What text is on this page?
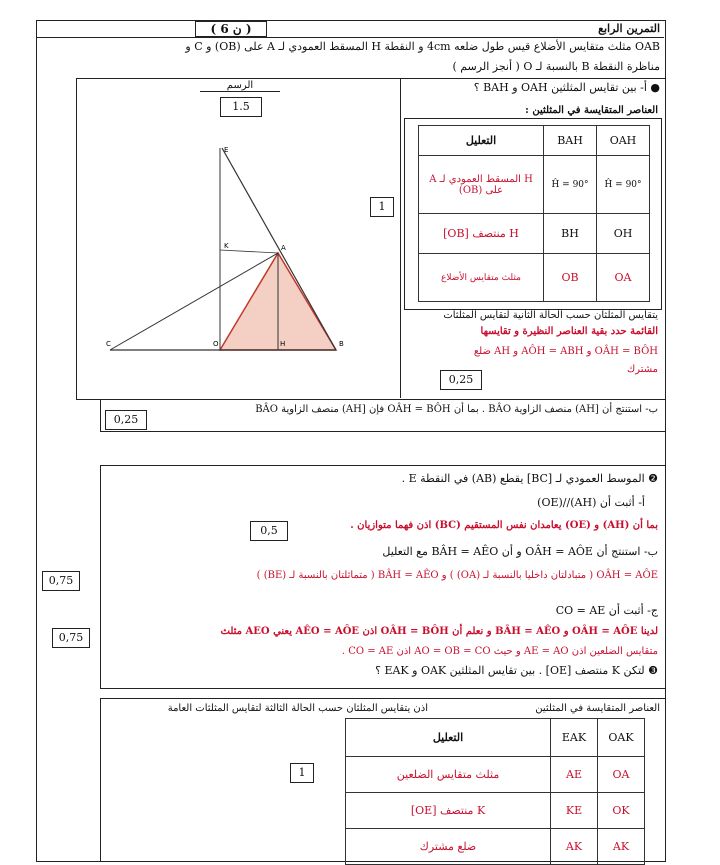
التمرين الرابع
( 6 ن )
OAB مثلث متقايس الأضلاع قيس طول ضلعه 4cm و النقطة H المسقط العمودي لـ A على (OB) و C و
مناظرة النقطة B بالنسبة لـ O ( أنجز الرسم )
● أ- بين تقايس المثلثين OAH و BAH ؟
الرسم
1.5
E
K	A
C	O	H	B
1
العناصر المتقايسة في المثلثين :
OAH	BAH	التعليل
Ĥ = 90°	Ĥ = 90°	H المسقط العمودي لـ A على (OB)
OH	BH	H منتصف [OB]
OA	OB	مثلث متقايس الأضلاع
يتقايس المثلثان حسب الحالة الثانية لتقايس المثلثات
القائمة حدد بقية العناصر النظيرة و تقايسها
OÂH = BÔH و AÔH = ABH و AH ضلع
مشترك
0,25
ب- استنتج أن [AH) منصف الزاوية BÂO . بما أن OÂH = BÔH فإن [AH) منصف الزاوية BÂO
0,25
❷ الموسط العمودي لـ [BC] يقطع (AB) في النقطة E .
أ- أثبت أن (AH)//(OE)
بما أن (AH) و (OE) يعامدان نفس المستقيم (BC) اذن فهما متوازيان .
0,5
ب- استنتج أن OÂH = AÔE و أن BÂH = AÊO مع التعليل
OÂH = AÔE ( متبادلتان داخليا بالنسبة لـ (OA) ) و BÂH = AÊO ( متماثلتان بالنسبة لـ (BE) )
0,75
ج- أثبت أن CO = AE
لدينا OÂH = AÔE و BÂH = AÊO و نعلم أن OÂH = BÔH اذن AÊO = AÔE يعني AEO مثلث
متقايس الضلعين اذن AE = AO و حيث AO = OB = CO اذن CO = AE .
0,75
❸ لتكن K منتصف [OE] . بين تقايس المثلثين OAK و EAK ؟
العناصر المتقايسة في المثلثين
اذن يتقايس المثلثان حسب الحالة الثالثة لتقايس المثلثات العامة
OAK	EAK	التعليل
OA	AE	مثلث متقايس الضلعين
OK	KE	K منتصف [OE]
AK	AK	ضلع مشترك
1
